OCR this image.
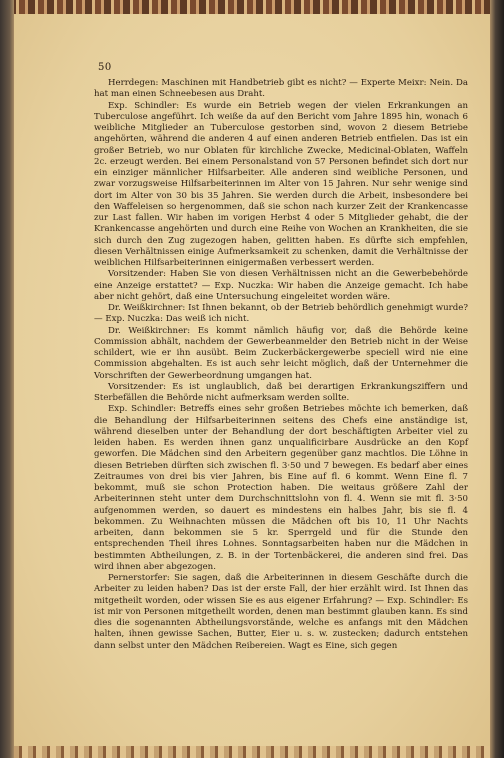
50

Herrdegen: Maschinen mit Handbetrieb gibt es nicht? — Experte Meixr: Nein. Da hat man einen Schneebesen aus Draht.

Exp. Schindler: Es wurde ein Betrieb wegen der vielen Erkrankungen an Tuberculose angeführt. Ich weiße da auf den Bericht vom Jahre 1895 hin, wonach 6 weibliche Mitglieder an Tuberculose gestorben sind, wovon 2 diesem Betriebe angehörten, während die anderen 4 auf einen anderen Betrieb entfielen. Das ist ein großer Betrieb, wo nur Oblaten für kirchliche Zwecke, Medicinal-Oblaten, Waffeln 2c. erzeugt werden. Bei einem Personalstand von 57 Personen befindet sich dort nur ein einziger männlicher Hilfsarbeiter. Alle anderen sind weibliche Personen, und zwar vorzugsweise Hilfsarbeiterinnen im Alter von 15 Jahren. Nur sehr wenige sind dort im Alter von 30 bis 35 Jahren. Sie werden durch die Arbeit, insbesondere bei den Waffeleisen so hergenommen, daß sie schon nach kurzer Zeit der Krankencasse zur Last fallen. Wir haben im vorigen Herbst 4 oder 5 Mitglieder gehabt, die der Krankencasse angehörten und durch eine Reihe von Wochen an Krankheiten, die sie sich durch den Zug zugezogen haben, gelitten haben. Es dürfte sich empfehlen, diesen Verhältnissen einige Aufmerksamkeit zu schenken, damit die Verhältnisse der weiblichen Hilfsarbeiterinnen einigermaßen verbessert werden.

Vorsitzender: Haben Sie von diesen Verhältnissen nicht an die Gewerbebehörde eine Anzeige erstattet? — Exp. Nuczka: Wir haben die Anzeige gemacht. Ich habe aber nicht gehört, daß eine Untersuchung eingeleitet worden wäre.

Dr. Weißkirchner: Ist Ihnen bekannt, ob der Betrieb behördlich genehmigt wurde? — Exp. Nuczka: Das weiß ich nicht.

Dr. Weißkirchner: Es kommt nämlich häufig vor, daß die Behörde keine Commission abhält, nachdem der Gewerbeanmelder den Betrieb nicht in der Weise schildert, wie er ihn ausübt. Beim Zuckerbäckergewerbe speciell wird nie eine Commission abgehalten. Es ist auch sehr leicht möglich, daß der Unternehmer die Vorschriften der Gewerbeordnung umgangen hat.

Vorsitzender: Es ist unglaublich, daß bei derartigen Erkrankungsziffern und Sterbefällen die Behörde nicht aufmerksam werden sollte.

Exp. Schindler: Betreffs eines sehr großen Betriebes möchte ich bemerken, daß die Behandlung der Hilfsarbeiterinnen seitens des Chefs eine anständige ist, während dieselben unter der Behandlung der dort beschäftigten Arbeiter viel zu leiden haben. Es werden ihnen ganz unqualificirbare Ausdrücke an den Kopf geworfen. Die Mädchen sind den Arbeitern gegenüber ganz machtlos. Die Löhne in diesen Betrieben dürften sich zwischen fl. 3·50 und 7 bewegen. Es bedarf aber eines Zeitraumes von drei bis vier Jahren, bis Eine auf fl. 6 kommt. Wenn Eine fl. 7 bekommt, muß sie schon Protection haben. Die weitaus größere Zahl der Arbeiterinnen steht unter dem Durchschnittslohn von fl. 4. Wenn sie mit fl. 3·50 aufgenommen werden, so dauert es mindestens ein halbes Jahr, bis sie fl. 4 bekommen. Zu Weihnachten müssen die Mädchen oft bis 10, 11 Uhr Nachts arbeiten, dann bekommen sie 5 kr. Sperrgeld und für die Stunde den entsprechenden Theil ihres Lohnes. Sonntagsarbeiten haben nur die Mädchen in bestimmten Abtheilungen, z. B. in der Tortenbäckerei, die anderen sind frei. Das wird ihnen aber abgezogen.

Pernerstorfer: Sie sagen, daß die Arbeiterinnen in diesem Geschäfte durch die Arbeiter zu leiden haben? Das ist der erste Fall, der hier erzählt wird. Ist Ihnen das mitgetheilt worden, oder wissen Sie es aus eigener Erfahrung? — Exp. Schindler: Es ist mir von Personen mitgetheilt worden, denen man bestimmt glauben kann. Es sind dies die sogenannten Abtheilungsvorstände, welche es anfangs mit den Mädchen halten, ihnen gewisse Sachen, Butter, Eier u. s. w. zustecken; dadurch entstehen dann selbst unter den Mädchen Reibereien. Wagt es Eine, sich gegen
